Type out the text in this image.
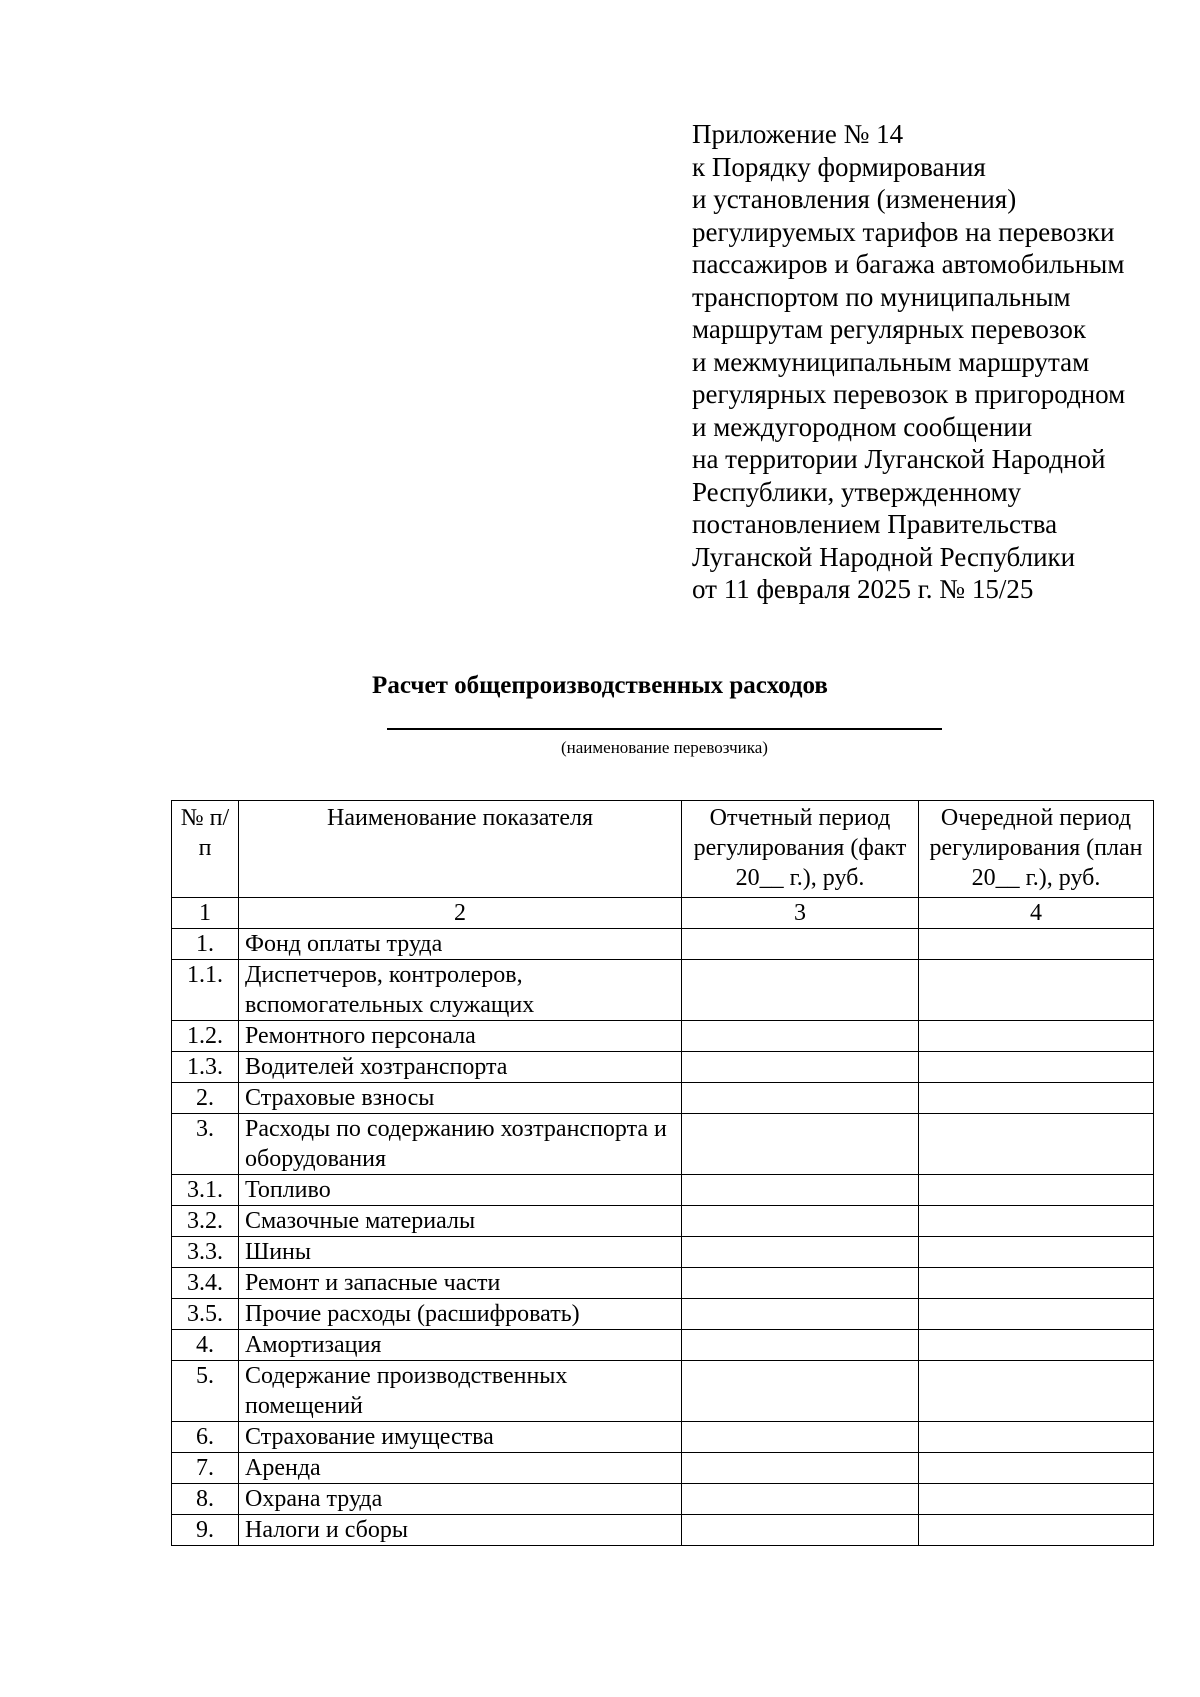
Приложение № 14
к Порядку формирования
и установления (изменения)
регулируемых тарифов на перевозки
пассажиров и багажа автомобильным
транспортом по муниципальным
маршрутам регулярных перевозок
и межмуниципальным маршрутам
регулярных перевозок в пригородном
и междугородном сообщении
на территории Луганской Народной
Республики, утвержденному
постановлением Правительства
Луганской Народной Республики
от 11 февраля 2025 г. № 15/25
Расчет общепроизводственных расходов
(наименование перевозчика)
№ п/п	Наименование показателя	Отчетный период регулирования (факт 20__ г.), руб.	Очередной период регулирования (план 20__ г.), руб.
1	2	3	4
1.	Фонд оплаты труда		
1.1.	Диспетчеров, контролеров, вспомогательных служащих		
1.2.	Ремонтного персонала		
1.3.	Водителей хозтранспорта		
2.	Страховые взносы		
3.	Расходы по содержанию хозтранспорта и оборудования		
3.1.	Топливо		
3.2.	Смазочные материалы		
3.3.	Шины		
3.4.	Ремонт и запасные части		
3.5.	Прочие расходы (расшифровать)		
4.	Амортизация		
5.	Содержание производственных помещений		
6.	Страхование имущества		
7.	Аренда		
8.	Охрана труда		
9.	Налоги и сборы		
